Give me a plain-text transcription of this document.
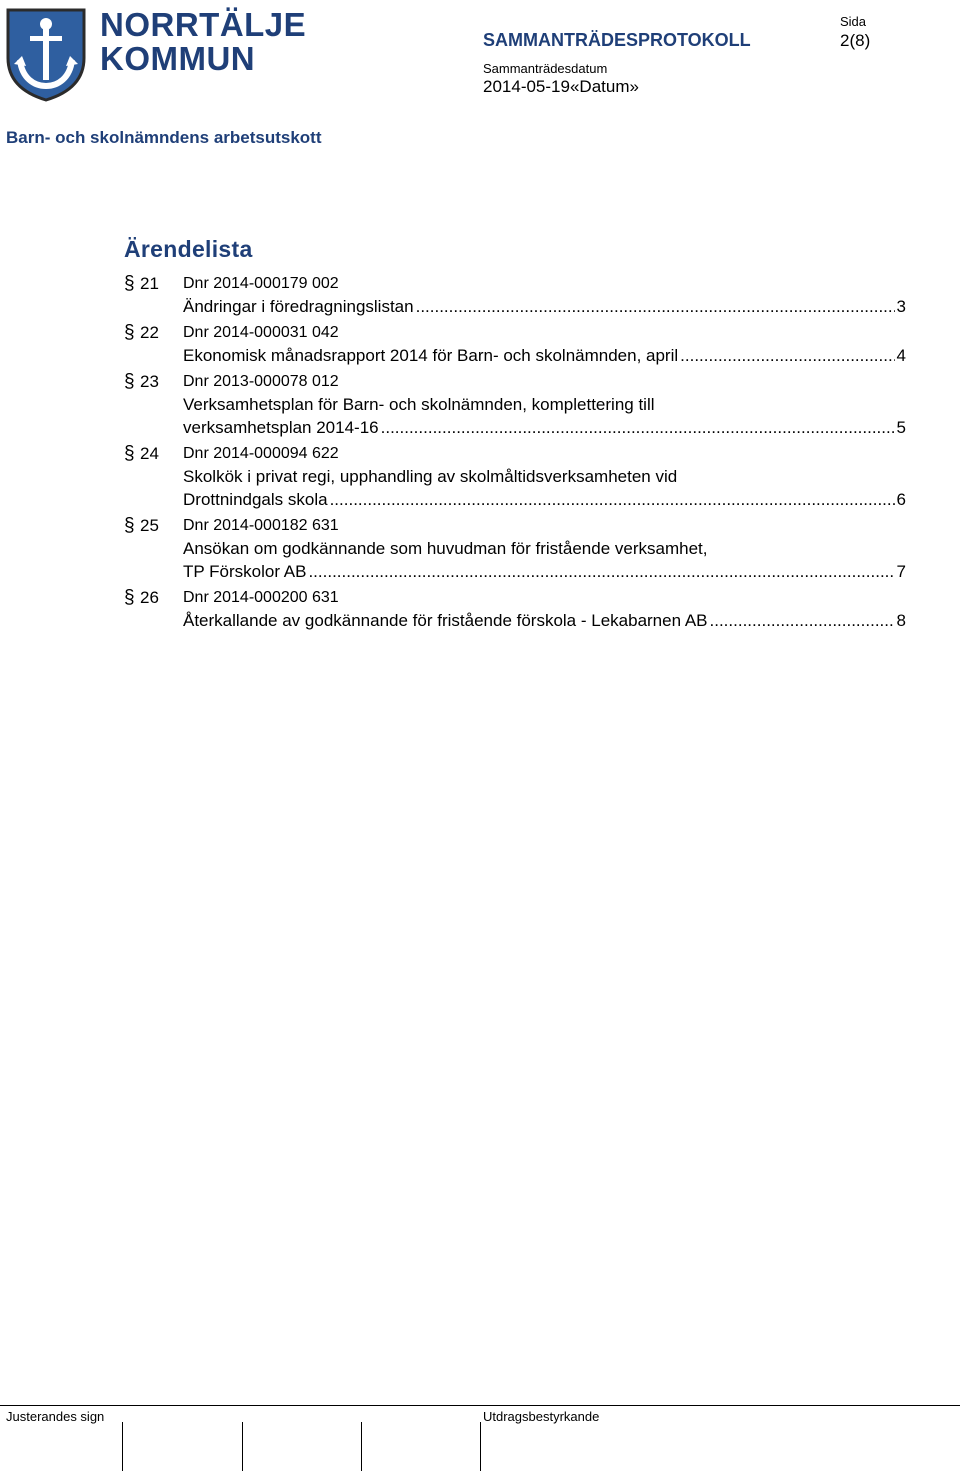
NORRTÄLJE
KOMMUN	SAMMANTRÄDESPROTOKOLL
Sida
2(8)
Sammanträdesdatum
2014-05-19«Datum»
Barn- och skolnämndens arbetsutskott
Ärendelista
§ 21 Dnr 2014-000179 002
Ändringar i föredragningslistan .....	3
§ 22 Dnr 2014-000031 042
Ekonomisk månadsrapport 2014 för Barn- och skolnämnden, april .....	4
§ 23 Dnr 2013-000078 012
Verksamhetsplan för Barn- och skolnämnden, komplettering till
verksamhetsplan 2014-16 .....	5
§ 24 Dnr 2014-000094 622
Skolkök i privat regi, upphandling av skolmåltidsverksamheten vid
Drottnindgals skola .....	6
§ 25 Dnr 2014-000182 631
Ansökan om godkännande som huvudman för fristående verksamhet,
TP Förskolor AB .....	7
§ 26 Dnr 2014-000200 631
Återkallande av godkännande för fristående förskola - Lekabarnen AB .....	8
Justerandes sign	Utdragsbestyrkande
